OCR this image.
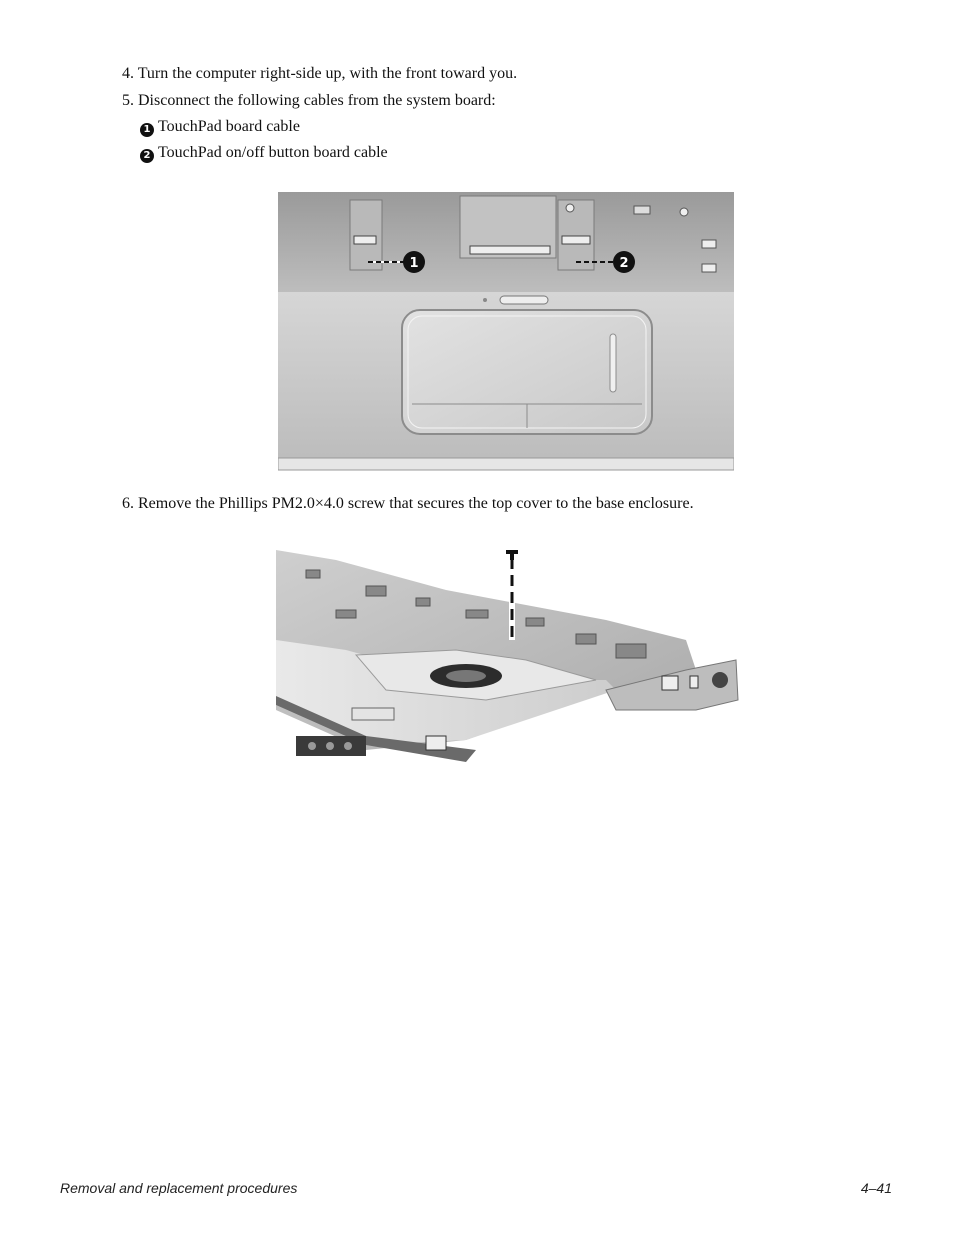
4. Turn the computer right-side up, with the front toward you.
5. Disconnect the following cables from the system board:
1 TouchPad board cable
2 TouchPad on/off button board cable
1	2
6. Remove the Phillips PM2.0×4.0 screw that secures the top cover to the base enclosure.
Removal and replacement procedures	4–41
